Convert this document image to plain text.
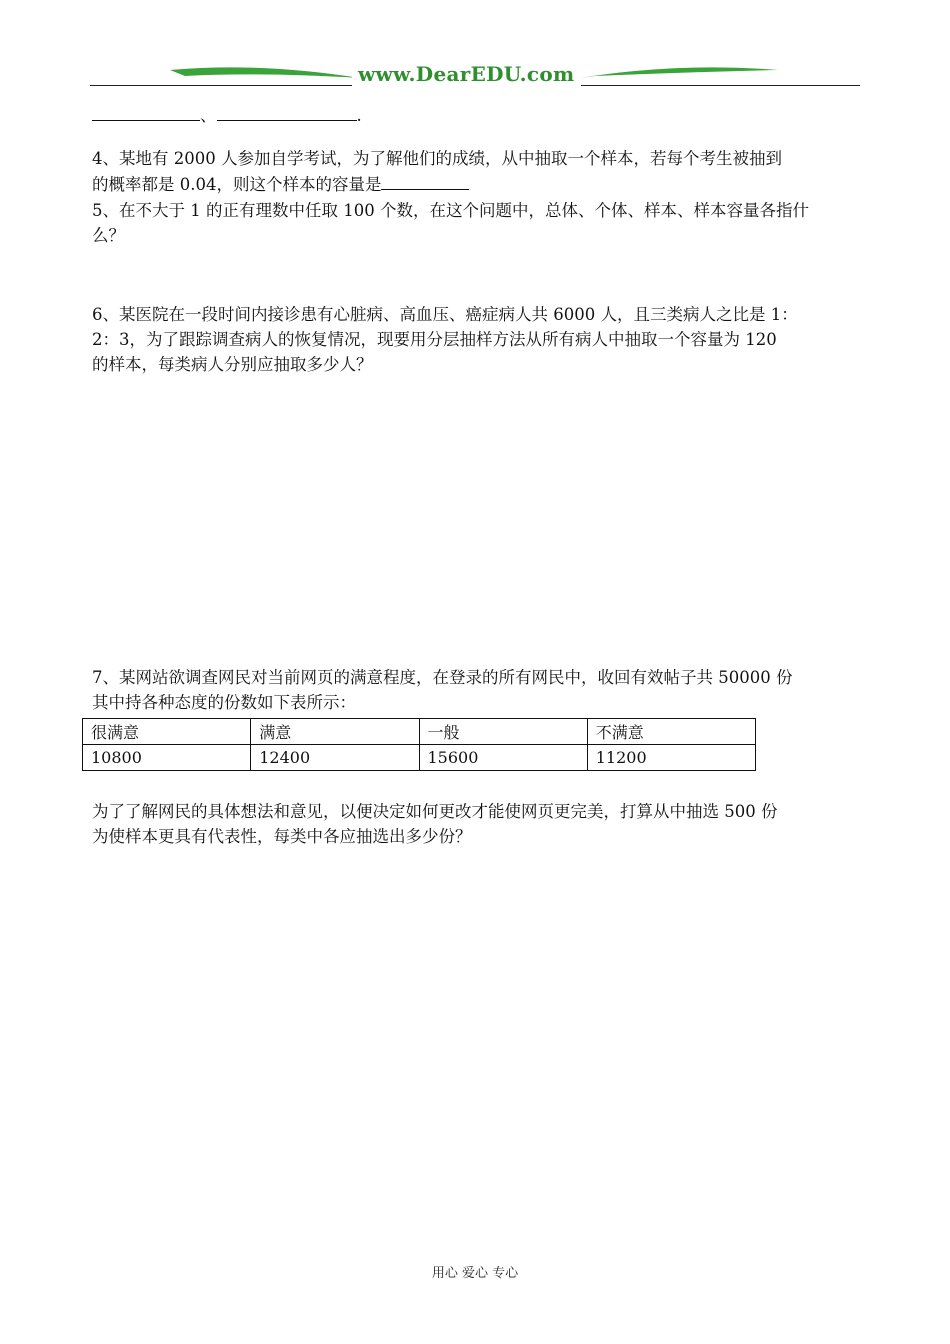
www.DearEDU.com
、	.
4、某地有 2000 人参加自学考试，为了解他们的成绩，从中抽取一个样本，若每个考生被抽到
的概率都是 0.04，则这个样本的容量是
5、在不大于 1 的正有理数中任取 100 个数，在这个问题中，总体、个体、样本、样本容量各指什
么？
6、某医院在一段时间内接诊患有心脏病、高血压、癌症病人共 6000 人，且三类病人之比是 1：
2：3，为了跟踪调查病人的恢复情况，现要用分层抽样方法从所有病人中抽取一个容量为 120
的样本，每类病人分别应抽取多少人？
7、某网站欲调查网民对当前网页的满意程度，在登录的所有网民中，收回有效帖子共 50000 份
其中持各种态度的份数如下表所示：
很满意	满意	一般	不满意
10800	12400	15600	11200
为了了解网民的具体想法和意见，以便决定如何更改才能使网页更完美，打算从中抽选 500 份
为使样本更具有代表性，每类中各应抽选出多少份？
用心 爱心 专心
